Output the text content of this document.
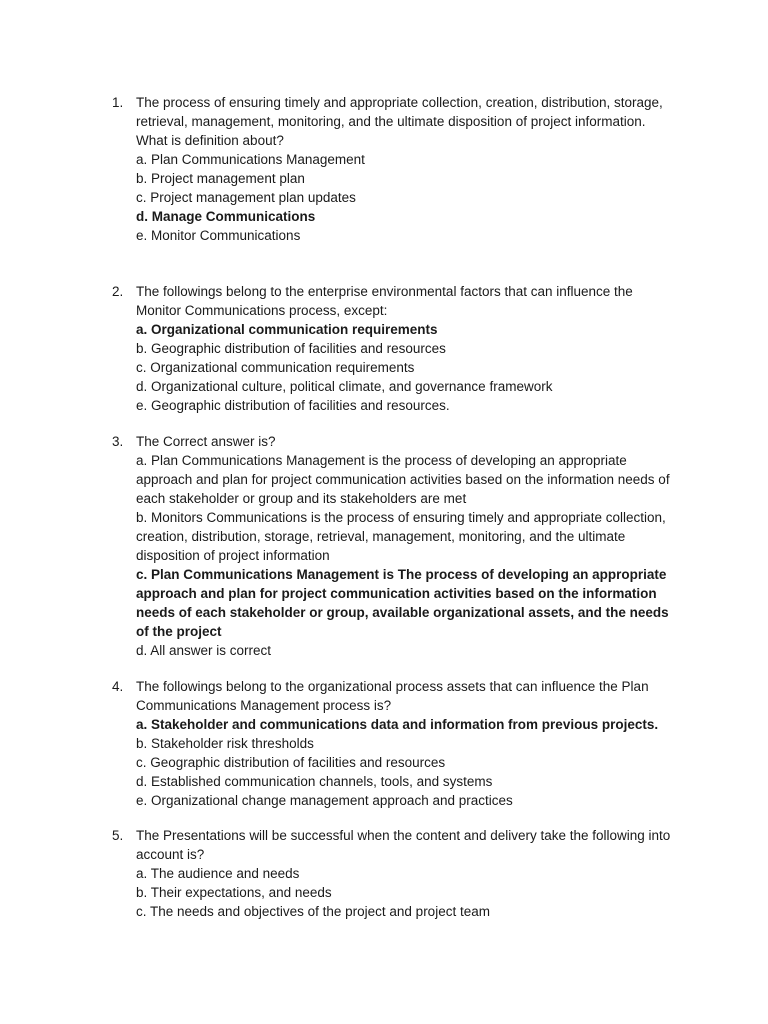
1. The process of ensuring timely and appropriate collection, creation, distribution, storage, retrieval, management, monitoring, and the ultimate disposition of project information.
What is definition about?
a. Plan Communications Management
b. Project management plan
c. Project management plan updates
d. Manage Communications
e. Monitor Communications
2. The followings belong to the enterprise environmental factors that can influence the Monitor Communications process, except:
a. Organizational communication requirements
b. Geographic distribution of facilities and resources
c. Organizational communication requirements
d. Organizational culture, political climate, and governance framework
e. Geographic distribution of facilities and resources.
3. The Correct answer is?
a. Plan Communications Management is the process of developing an appropriate approach and plan for project communication activities based on the information needs of each stakeholder or group and its stakeholders are met
b. Monitors Communications is the process of ensuring timely and appropriate collection, creation, distribution, storage, retrieval, management, monitoring, and the ultimate disposition of project information
c. Plan Communications Management is The process of developing an appropriate approach and plan for project communication activities based on the information needs of each stakeholder or group, available organizational assets, and the needs of the project
d. All answer is correct
4. The followings belong to the organizational process assets that can influence the Plan Communications Management process is?
a. Stakeholder and communications data and information from previous projects.
b. Stakeholder risk thresholds
c. Geographic distribution of facilities and resources
d. Established communication channels, tools, and systems
e. Organizational change management approach and practices
5. The Presentations will be successful when the content and delivery take the following into account is?
a. The audience and needs
b. Their expectations, and needs
c. The needs and objectives of the project and project team
